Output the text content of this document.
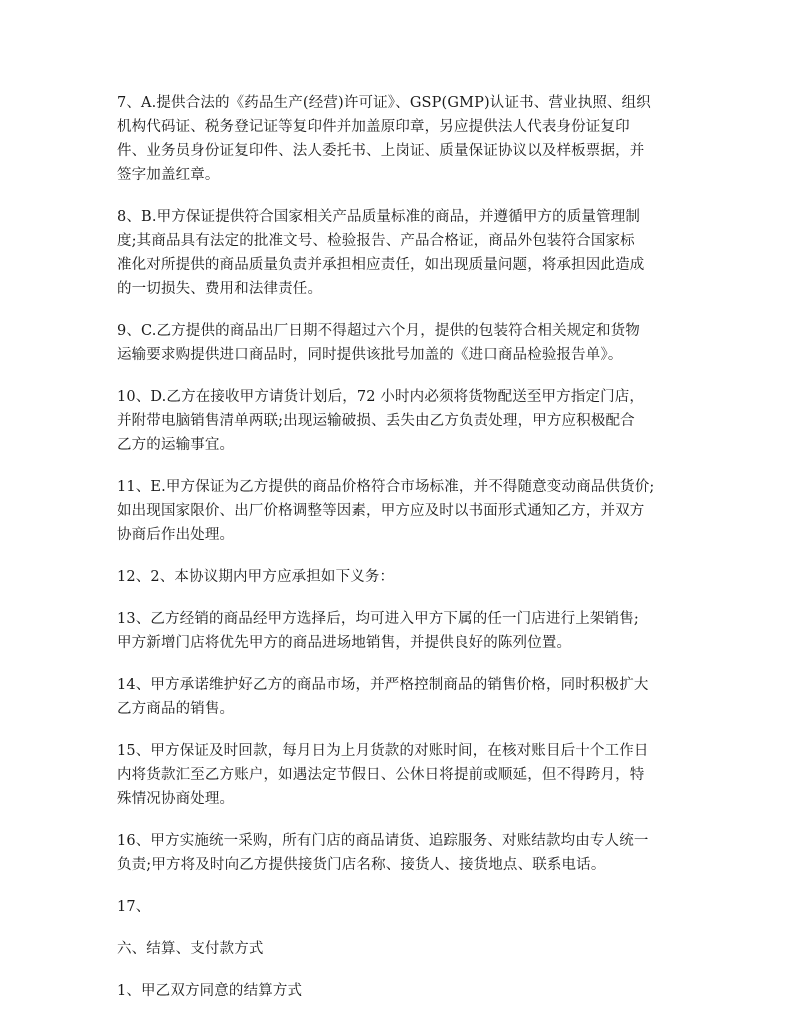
7、A.提供合法的《药品生产(经营)许可证》、GSP(GMP)认证书、营业执照、组织
机构代码证、税务登记证等复印件并加盖原印章，另应提供法人代表身份证复印
件、业务员身份证复印件、法人委托书、上岗证、质量保证协议以及样板票据，并
签字加盖红章。

8、B.甲方保证提供符合国家相关产品质量标准的商品，并遵循甲方的质量管理制
度;其商品具有法定的批准文号、检验报告、产品合格证，商品外包装符合国家标
准化对所提供的商品质量负责并承担相应责任，如出现质量问题，将承担因此造成
的一切损失、费用和法律责任。

9、C.乙方提供的商品出厂日期不得超过六个月，提供的包装符合相关规定和货物
运输要求购提供进口商品时，同时提供该批号加盖的《进口商品检验报告单》。

10、D.乙方在接收甲方请货计划后，72 小时内必须将货物配送至甲方指定门店，
并附带电脑销售清单两联;出现运输破损、丢失由乙方负责处理，甲方应积极配合
乙方的运输事宜。

11、E.甲方保证为乙方提供的商品价格符合市场标准，并不得随意变动商品供货价;
如出现国家限价、出厂价格调整等因素，甲方应及时以书面形式通知乙方，并双方
协商后作出处理。

12、2、本协议期内甲方应承担如下义务：

13、乙方经销的商品经甲方选择后，均可进入甲方下属的任一门店进行上架销售;
甲方新增门店将优先甲方的商品进场地销售，并提供良好的陈列位置。

14、甲方承诺维护好乙方的商品市场，并严格控制商品的销售价格，同时积极扩大
乙方商品的销售。

15、甲方保证及时回款，每月日为上月货款的对账时间，在核对账目后十个工作日
内将货款汇至乙方账户，如遇法定节假日、公休日将提前或顺延，但不得跨月，特
殊情况协商处理。

16、甲方实施统一采购，所有门店的商品请货、追踪服务、对账结款均由专人统一
负责;甲方将及时向乙方提供接货门店名称、接货人、接货地点、联系电话。

17、

六、结算、支付款方式

1、甲乙双方同意的结算方式
